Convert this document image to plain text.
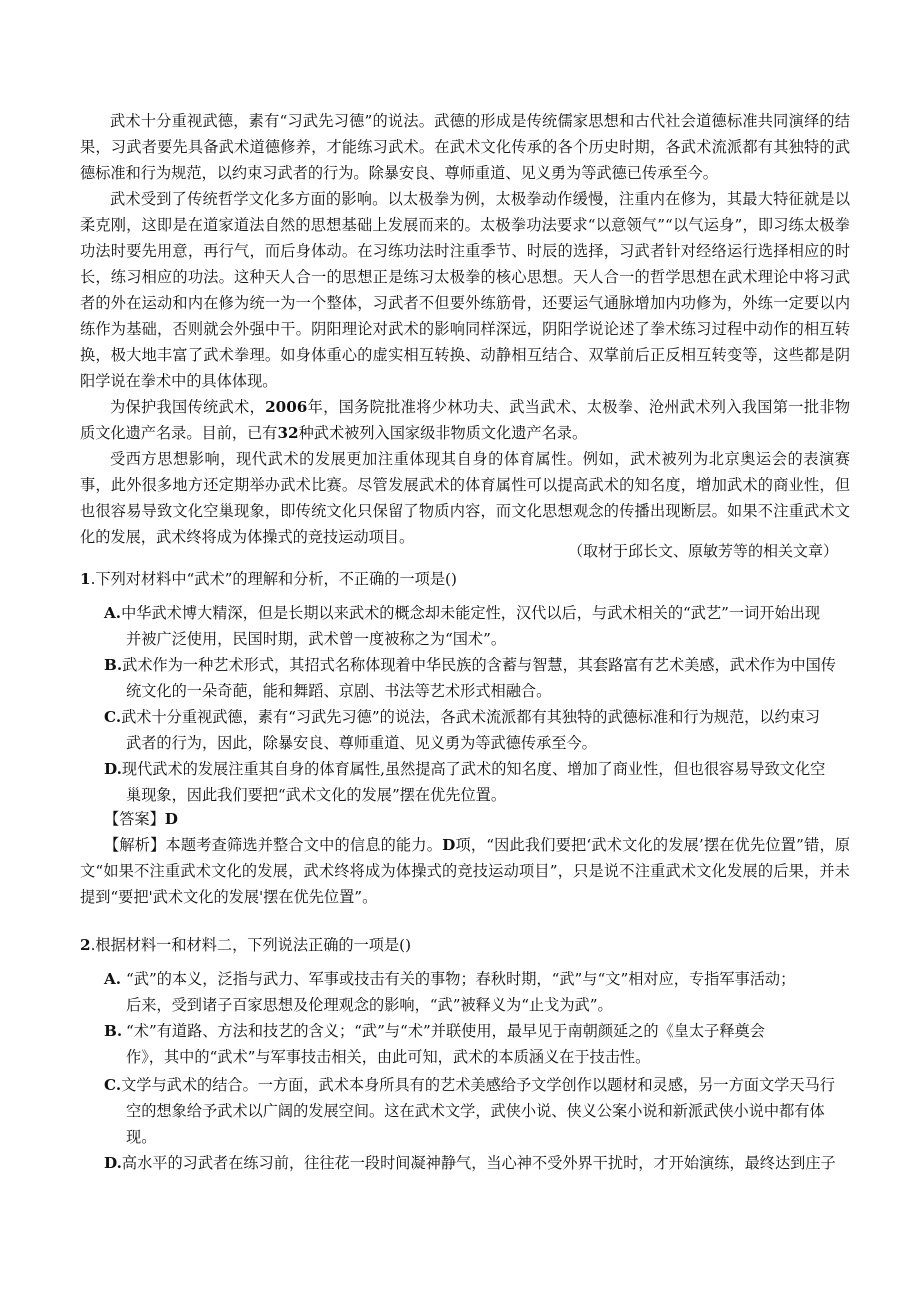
武术十分重视武德，素有“习武先习德”的说法。武德的形成是传统儒家思想和古代社会道德标准共同演绎的结果，习武者要先具备武术道德修养，才能练习武术。在武术文化传承的各个历史时期，各武术流派都有其独特的武德标准和行为规范，以约束习武者的行为。除暴安良、尊师重道、见义勇为等武德已传承至今。

武术受到了传统哲学文化多方面的影响。以太极拳为例，太极拳动作缓慢，注重内在修为，其最大特征就是以柔克刚，这即是在道家道法自然的思想基础上发展而来的。太极拳功法要求“以意领气”“以气运身”，即习练太极拳功法时要先用意，再行气，而后身体动。在习练功法时注重季节、时辰的选择，习武者针对经络运行选择相应的时长，练习相应的功法。这种天人合一的思想正是练习太极拳的核心思想。天人合一的哲学思想在武术理论中将习武者的外在运动和内在修为统一为一个整体，习武者不但要外练筋骨，还要运气通脉增加内功修为，外练一定要以内练作为基础，否则就会外强中干。阴阳理论对武术的影响同样深远，阴阳学说论述了拳术练习过程中动作的相互转换，极大地丰富了武术拳理。如身体重心的虚实相互转换、动静相互结合、双掌前后正反相互转变等，这些都是阴阳学说在拳术中的具体体现。

为保护我国传统武术，2006年，国务院批准将少林功夫、武当武术、太极拳、沧州武术列入我国第一批非物质文化遗产名录。目前，已有32种武术被列入国家级非物质文化遗产名录。

受西方思想影响，现代武术的发展更加注重体现其自身的体育属性。例如，武术被列为北京奥运会的表演赛事，此外很多地方还定期举办武术比赛。尽管发展武术的体育属性可以提高武术的知名度，增加武术的商业性，但也很容易导致文化空巢现象，即传统文化只保留了物质内容，而文化思想观念的传播出现断层。如果不注重武术文化的发展，武术终将成为体操式的竞技运动项目。

（取材于邱长文、原敏芳等的相关文章）

1.下列对材料中“武术”的理解和分析，不正确的一项是()

A. 中华武术博大精深，但是长期以来武术的概念却未能定性，汉代以后，与武术相关的“武艺”一词开始出现
并被广泛使用，民国时期，武术曾一度被称之为“国术”。
B. 武术作为一种艺术形式，其招式名称体现着中华民族的含蓄与智慧，其套路富有艺术美感，武术作为中国传
统文化的一朵奇葩，能和舞蹈、京剧、书法等艺术形式相融合。
C. 武术十分重视武德，素有“习武先习德”的说法，各武术流派都有其独特的武德标准和行为规范，以约束习
武者的行为，因此，除暴安良、尊师重道、见义勇为等武德传承至今。
D. 现代武术的发展注重其自身的体育属性,虽然提高了武术的知名度、增加了商业性，但也很容易导致文化空
巢现象，因此我们要把“武术文化的发展”摆在优先位置。

【答案】D

【解析】本题考查筛选并整合文中的信息的能力。D项，“因此我们要把‘武术文化的发展’摆在优先位置”错，原文“如果不注重武术文化的发展，武术终将成为体操式的竞技运动项目”，只是说不注重武术文化发展的后果，并未提到“要把'武术文化的发展'摆在优先位置”。

2.根据材料一和材料二，下列说法正确的一项是()

A. “武”的本义，泛指与武力、军事或技击有关的事物；春秋时期，“武”与“文”相对应，专指军事活动；
后来，受到诸子百家思想及伦理观念的影响，“武”被释义为“止戈为武”。
B. “术”有道路、方法和技艺的含义；“武”与“术”并联使用，最早见于南朝颜延之的《皇太子释奠会
作》，其中的“武术”与军事技击相关，由此可知，武术的本质涵义在于技击性。
C. 文学与武术的结合。一方面，武术本身所具有的艺术美感给予文学创作以题材和灵感，另一方面文学天马行
空的想象给予武术以广阔的发展空间。这在武术文学，武侠小说、侠义公案小说和新派武侠小说中都有体
现。
D. 高水平的习武者在练习前，往往花一段时间凝神静气，当心神不受外界干扰时，才开始演练，最终达到庄子
